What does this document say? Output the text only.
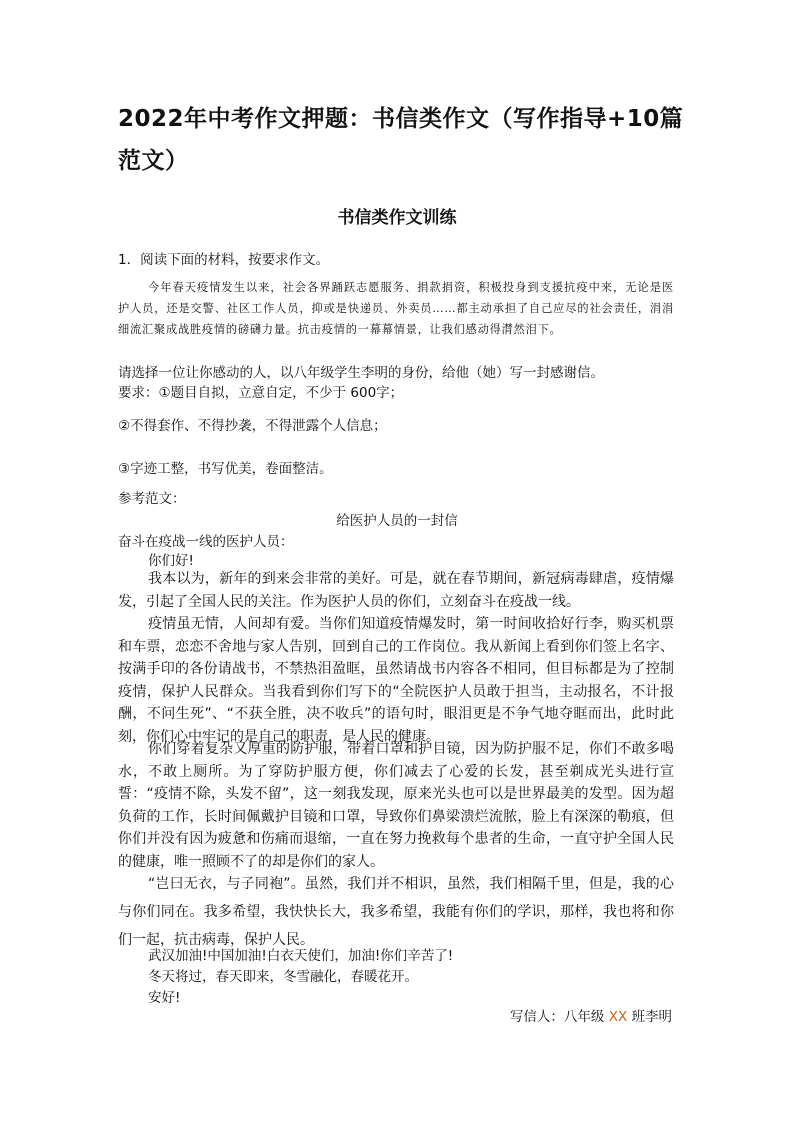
2022年中考作文押题：书信类作文（写作指导+10篇范文）
书信类作文训练
1．阅读下面的材料，按要求作文。
今年春天疫情发生以来，社会各界踊跃志愿服务、捐款捐资，积极投身到支援抗疫中来，无论是医护人员，还是交警、社区工作人员，抑或是快递员、外卖员……都主动承担了自己应尽的社会责任，涓涓细流汇聚成战胜疫情的磅礴力量。抗击疫情的一幕幕情景，让我们感动得潸然泪下。
请选择一位让你感动的人，以八年级学生李明的身份，给他（她）写一封感谢信。
要求：①题目自拟，立意自定，不少于 600字；
②不得套作、不得抄袭，不得泄露个人信息；
③字迹工整，书写优美，卷面整洁。
参考范文：
给医护人员的一封信
奋斗在疫战一线的医护人员：
你们好!
我本以为，新年的到来会非常的美好。可是，就在春节期间，新冠病毒肆虐，疫情爆发，引起了全国人民的关注。作为医护人员的你们，立刻奋斗在疫战一线。
疫情虽无情，人间却有爱。当你们知道疫情爆发时，第一时间收拾好行李，购买机票和车票，恋恋不舍地与家人告别，回到自己的工作岗位。我从新闻上看到你们签上名字、按满手印的各份请战书，不禁热泪盈眶，虽然请战书内容各不相同，但目标都是为了控制疫情，保护人民群众。当我看到你们写下的“全院医护人员敢于担当，主动报名，不计报酬，不问生死”、“不获全胜，决不收兵”的语句时，眼泪更是不争气地夺眶而出，此时此刻，你们心中牢记的是自己的职责，是人民的健康。
你们穿着复杂又厚重的防护服，带着口罩和护目镜，因为防护服不足，你们不敢多喝水，不敢上厕所。为了穿防护服方便，你们减去了心爱的长发，甚至剃成光头进行宣誓：“疫情不除，头发不留”，这一刻我发现，原来光头也可以是世界最美的发型。因为超负荷的工作，长时间佩戴护目镜和口罩，导致你们鼻梁溃烂流脓，脸上有深深的勒痕，但你们并没有因为疲惫和伤痛而退缩，一直在努力挽救每个患者的生命，一直守护全国人民的健康，唯一照顾不了的却是你们的家人。
“岂曰无衣，与子同袍”。虽然，我们并不相识，虽然，我们相隔千里，但是，我的心与你们同在。我多希望，我快快长大，我多希望，我能有你们的学识，那样，我也将和你们一起，抗击病毒，保护人民。
武汉加油!中国加油!白衣天使们，加油!你们辛苦了!
冬天将过，春天即来，冬雪融化，春暖花开。
安好!
写信人：八年级 XX 班李明
